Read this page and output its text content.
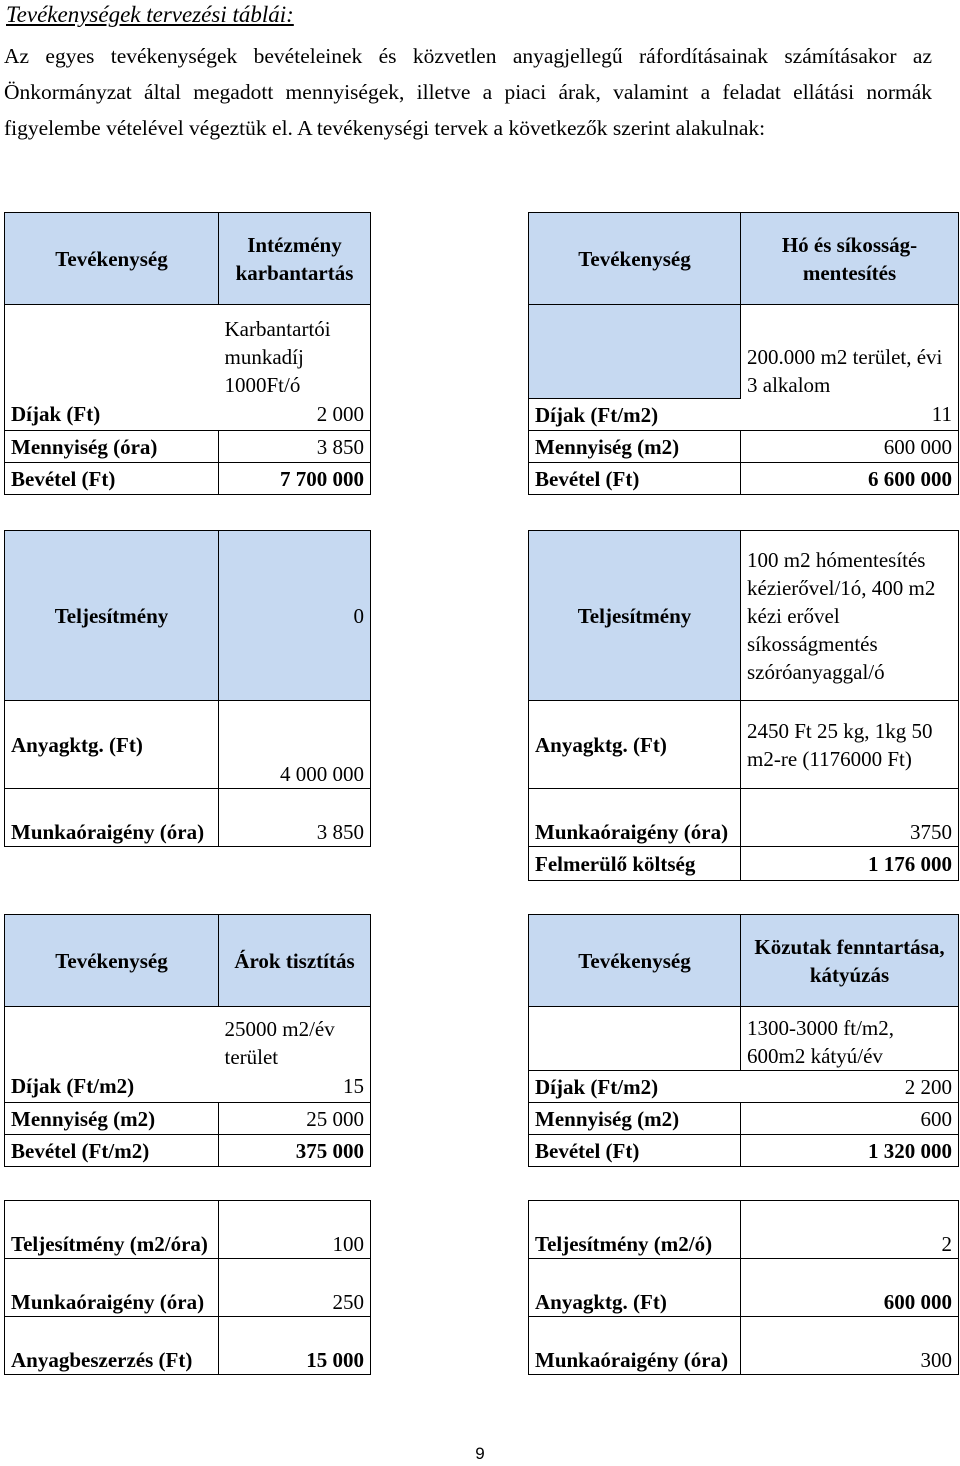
Tevékenységek tervezési táblái:
Az egyes tevékenységek bevételeinek és közvetlen anyagjellegű ráfordításainak számításakor az Önkormányzat által megadott mennyiségek, illetve a piaci árak, valamint a feladat ellátási normák figyelembe vételével végeztük el. A tevékenységi tervek a következők szerint alakulnak:
Tevékenység	Intézmény karbantartás
	Karbantartói munkadíj 1000Ft/ó
Díjak (Ft)	2 000
Mennyiség (óra)	3 850
Bevétel (Ft)	7 700 000
Tevékenység	Hó és síkosság-mentesítés
	200.000 m2 terület, évi 3 alkalom
Díjak (Ft/m2)	11
Mennyiség (m2)	600 000
Bevétel (Ft)	6 600 000
Teljesítmény	0
Anyagktg. (Ft)	4 000 000
Munkaóraigény (óra)	3 850
Teljesítmény	100 m2 hómentesítés kézierővel/1ó, 400 m2 kézi erővel síkosságmentés szóróanyaggal/ó
Anyagktg. (Ft)	2450 Ft 25 kg, 1kg 50 m2-re (1176000 Ft)
Munkaóraigény (óra)	3750
Felmerülő költség	1 176 000
Tevékenység	Árok tisztítás
	25000 m2/év terület
Díjak (Ft/m2)	15
Mennyiség (m2)	25 000
Bevétel (Ft/m2)	375 000
Tevékenység	Közutak fenntartása, kátyúzás
	1300-3000 ft/m2, 600m2 kátyú/év
Díjak (Ft/m2)	2 200
Mennyiség (m2)	600
Bevétel (Ft)	1 320 000
Teljesítmény (m2/óra)	100
Munkaóraigény (óra)	250
Anyagbeszerzés (Ft)	15 000
Teljesítmény (m2/ó)	2
Anyagktg. (Ft)	600 000
Munkaóraigény (óra)	300
9
